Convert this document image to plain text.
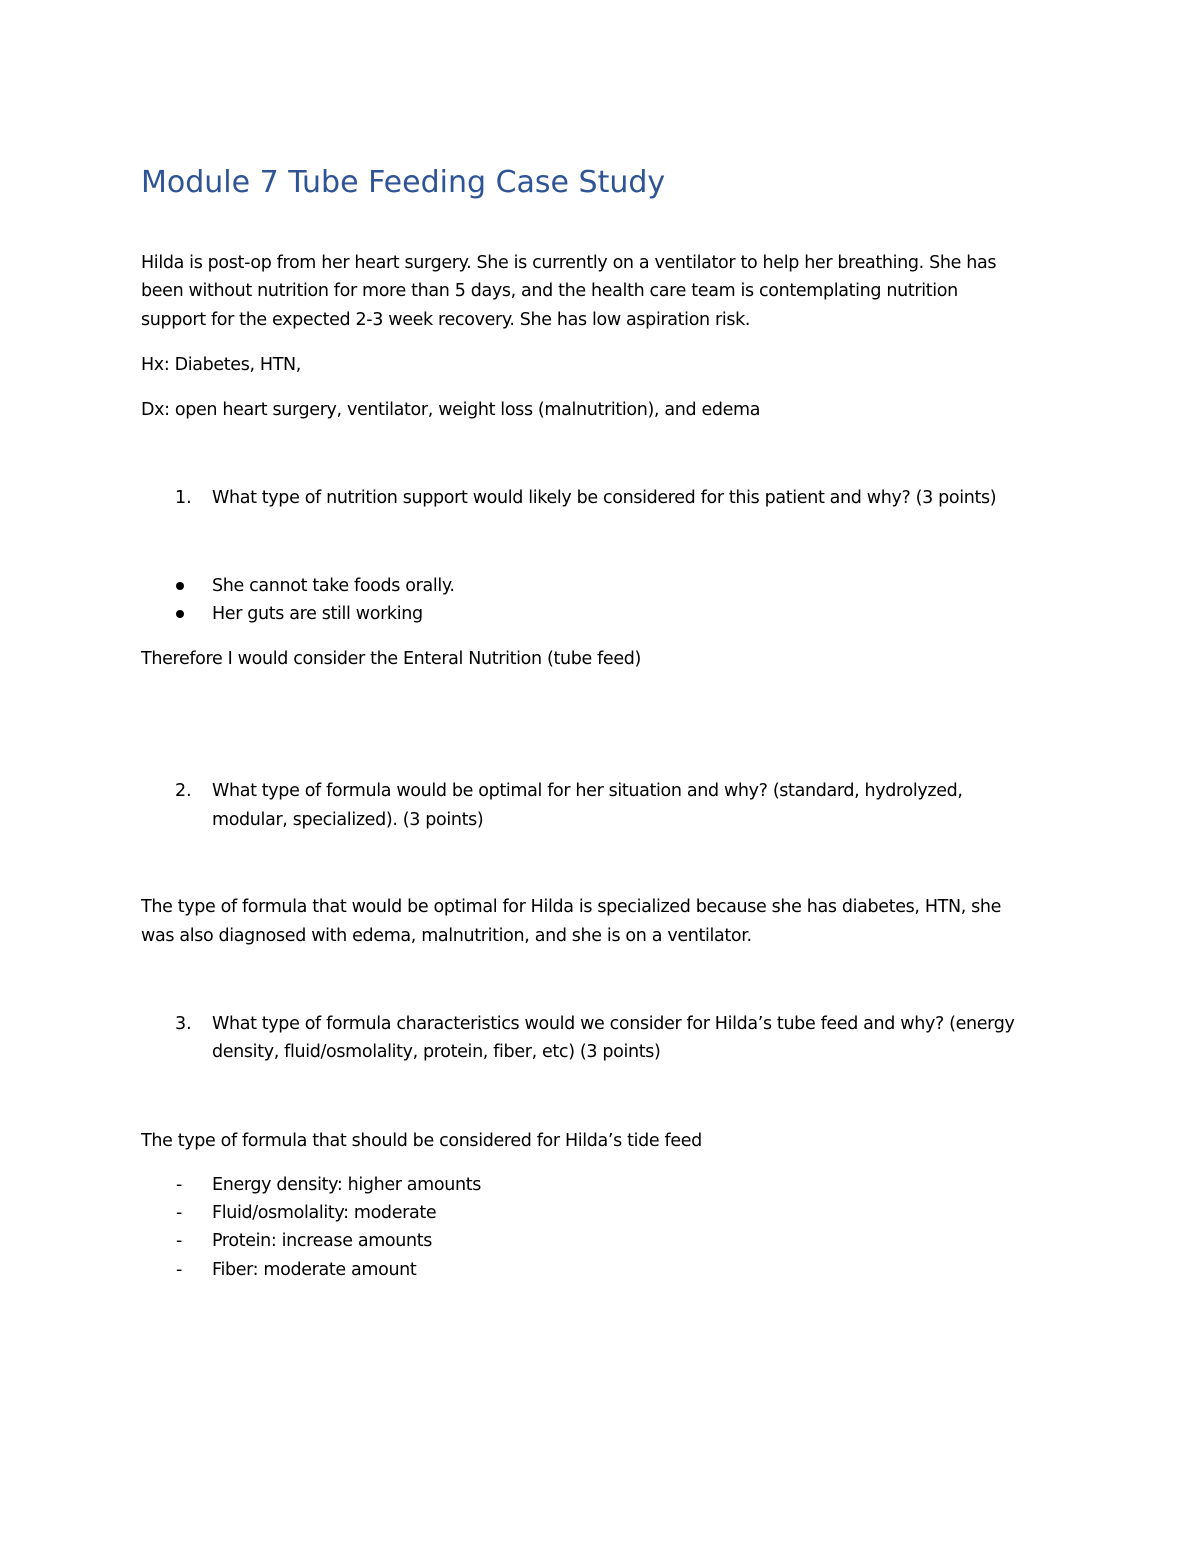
Module 7 Tube Feeding Case Study

Hilda is post-op from her heart surgery. She is currently on a ventilator to help her breathing. She has

been without nutrition for more than 5 days, and the health care team is contemplating nutrition

support for the expected 2-3 week recovery. She has low aspiration risk.

Hx: Diabetes, HTN,

Dx: open heart surgery, ventilator, weight loss (malnutrition), and edema

1.	What type of nutrition support would likely be considered for this patient and why? (3 points)

She cannot take foods orally.

Her guts are still working

Therefore I would consider the Enteral Nutrition (tube feed)

2.	What type of formula would be optimal for her situation and why? (standard, hydrolyzed,

modular, specialized). (3 points)

The type of formula that would be optimal for Hilda is specialized because she has diabetes, HTN, she

was also diagnosed with edema, malnutrition, and she is on a ventilator.

3.	What type of formula characteristics would we consider for Hilda’s tube feed and why? (energy

density, fluid/osmolality, protein, fiber, etc) (3 points)

The type of formula that should be considered for Hilda’s tide feed

- Energy density: higher amounts

- Fluid/osmolality: moderate

- Protein: increase amounts

- Fiber: moderate amount
